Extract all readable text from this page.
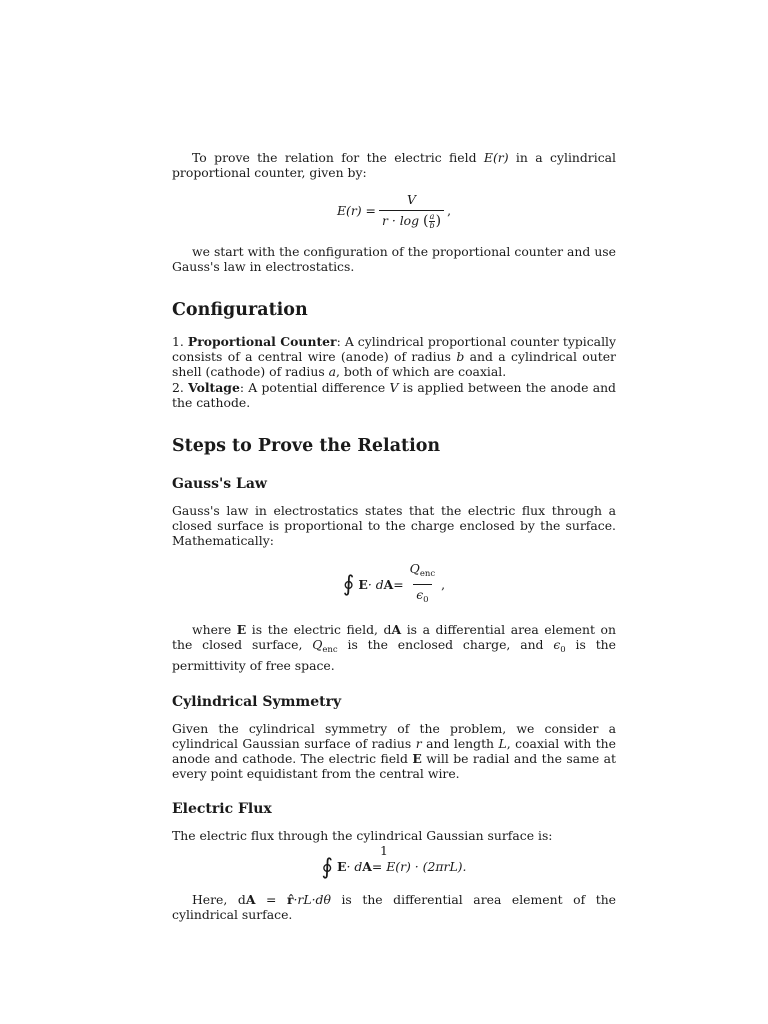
To prove the relation for the electric field E(r) in a cylindrical proportional counter, given by:

$E(r) = \frac{V}{r \cdot \log ( \frac{a}{b} )}$ ,

we start with the configuration of the proportional counter and use Gauss's law in electrostatics.

Configuration

1. Proportional Counter: A cylindrical proportional counter typically consists of a central wire (anode) of radius b and a cylindrical outer shell (cathode) of radius a, both of which are coaxial.
2. Voltage: A potential difference V is applied between the anode and the cathode.

Steps to Prove the Relation
Gauss's Law

Gauss's law in electrostatics states that the electric flux through a closed surface is proportional to the charge enclosed by the surface. Mathematically:

∮ E · d $A = \frac{Q_{enc}}{\epsilon_0}$ ,

where E is the electric field, dA is a differential area element on the closed surface, $Q_{enc}$ is the enclosed charge, and $\epsilon_0$ is the permittivity of free space.

Cylindrical Symmetry

Given the cylindrical symmetry of the problem, we consider a cylindrical Gaussian surface of radius r and length L, coaxial with the anode and cathode. The electric field E will be radial and the same at every point equidistant from the central wire.

Electric Flux

The electric flux through the cylindrical Gaussian surface is:

∮ E · d A = E(r) · (2πrL).

Here, dA = r̂·rL·dθ is the differential area element of the cylindrical surface.

1
